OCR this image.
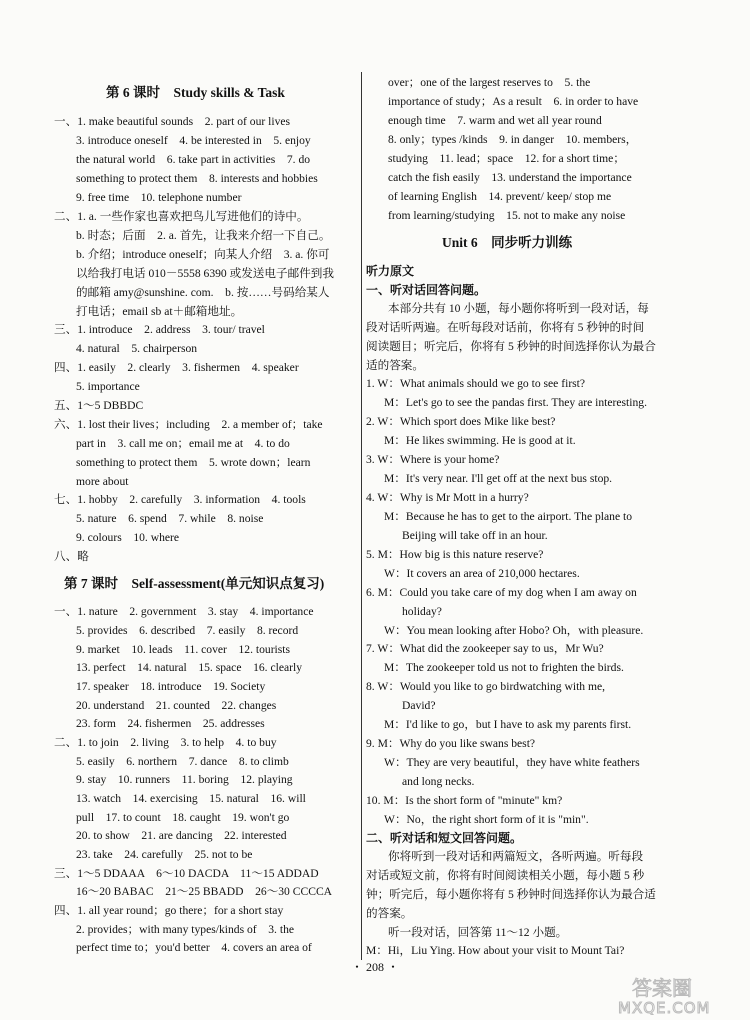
第 6 课时　Study skills & Task
一、1. make beautiful sounds　2. part of our lives
3. introduce oneself　4. be interested in　5. enjoy
the natural world　6. take part in activities　7. do
something to protect them　8. interests and hobbies
9. free time　10. telephone number
二、1. a. 一些作家也喜欢把鸟儿写进他们的诗中。
b. 时态；后面　2. a. 首先，让我来介绍一下自己。
b. 介绍；introduce oneself；向某人介绍　3. a. 你可
以给我打电话 010－5558 6390 或发送电子邮件到我
的邮箱 amy@sunshine. com.　b. 按……号码给某人
打电话；email sb at＋邮箱地址。
三、1. introduce　2. address　3. tour/ travel
4. natural　5. chairperson
四、1. easily　2. clearly　3. fishermen　4. speaker
5. importance
五、1～5 DBBDC
六、1. lost their lives；including　2. a member of；take
part in　3. call me on；email me at　4. to do
something to protect them　5. wrote down；learn
more about
七、1. hobby　2. carefully　3. information　4. tools
5. nature　6. spend　7. while　8. noise
9. colours　10. where
八、略
第 7 课时　Self-assessment(单元知识点复习)
一、1. nature　2. government　3. stay　4. importance
5. provides　6. described　7. easily　8. record
9. market　10. leads　11. cover　12. tourists
13. perfect　14. natural　15. space　16. clearly
17. speaker　18. introduce　19. Society
20. understand　21. counted　22. changes
23. form　24. fishermen　25. addresses
二、1. to join　2. living　3. to help　4. to buy
5. easily　6. northern　7. dance　8. to climb
9. stay　10. runners　11. boring　12. playing
13. watch　14. exercising　15. natural　16. will
pull　17. to count　18. caught　19. won't go
20. to show　21. are dancing　22. interested
23. take　24. carefully　25. not to be
三、1～5 DDAAA　6～10 DACDA　11～15 ADDAD
16～20 BABAC　21～25 BBADD　26～30 CCCCA
四、1. all year round；go there；for a short stay
2. provides；with many types/kinds of　3. the
perfect time to；you'd better　4. covers an area of
over；one of the largest reserves to　5. the
importance of study；As a result　6. in order to have
enough time　7. warm and wet all year round
8. only；types /kinds　9. in danger　10. members，
studying　11. lead；space　12. for a short time；
catch the fish easily　13. understand the importance
of learning English　14. prevent/ keep/ stop me
from learning/studying　15. not to make any noise
Unit 6　同步听力训练
听力原文
一、听对话回答问题。
本部分共有 10 小题，每小题你将听到一段对话，每
段对话听两遍。在听每段对话前，你将有 5 秒钟的时间
阅读题目；听完后，你将有 5 秒钟的时间选择你认为最合
适的答案。
1. W：What animals should we go to see first?
M：Let's go to see the pandas first. They are interesting.
2. W：Which sport does Mike like best?
M：He likes swimming. He is good at it.
3. W：Where is your home?
M：It's very near. I'll get off at the next bus stop.
4. W：Why is Mr Mott in a hurry?
M：Because he has to get to the airport. The plane to
Beijing will take off in an hour.
5. M：How big is this nature reserve?
W：It covers an area of 210,000 hectares.
6. M：Could you take care of my dog when I am away on
holiday?
W：You mean looking after Hobo? Oh，with pleasure.
7. W：What did the zookeeper say to us，Mr Wu?
M：The zookeeper told us not to frighten the birds.
8. W：Would you like to go birdwatching with me,
David?
M：I'd like to go，but I have to ask my parents first.
9. M：Why do you like swans best?
W：They are very beautiful，they have white feathers
and long necks.
10. M：Is the short form of "minute" km?
W：No，the right short form of it is "min".
二、听对话和短文回答问题。
你将听到一段对话和两篇短文，各听两遍。听每段
对话或短文前，你将有时间阅读相关小题，每小题 5 秒
钟；听完后，每小题你将有 5 秒钟时间选择你认为最合适
的答案。
听一段对话，回答第 11～12 小题。
M：Hi，Liu Ying. How about your visit to Mount Tai?
・ 208 ・
答案圈
MXQE.COM
